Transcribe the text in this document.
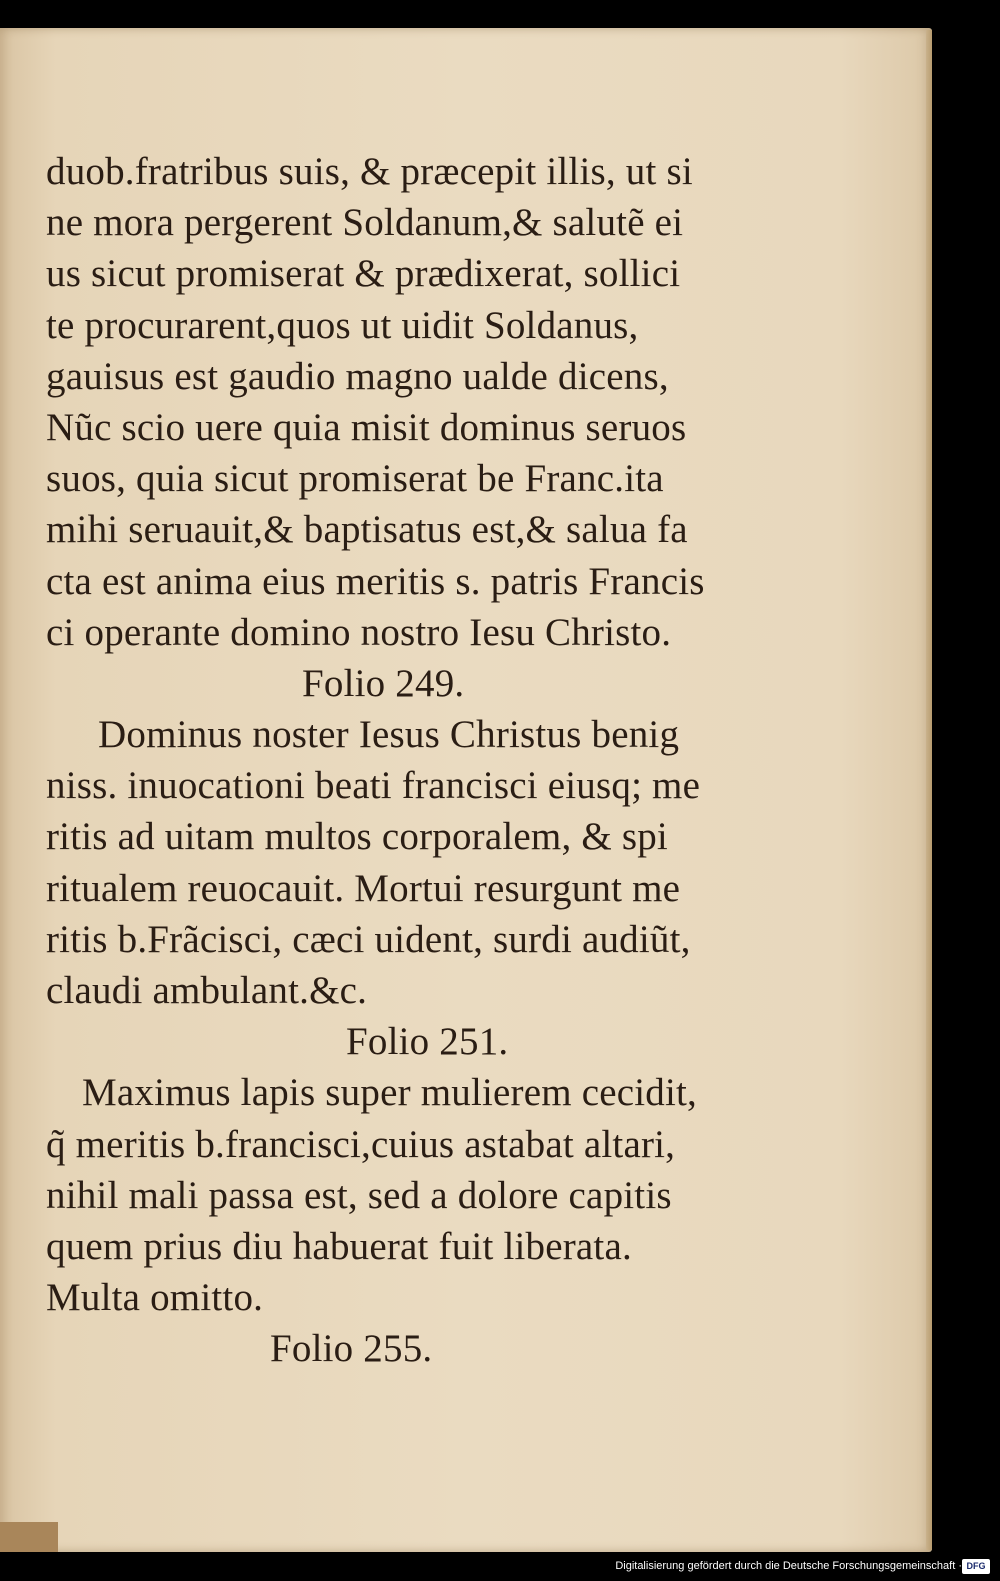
duob.fratribus suis, & præcepit illis, ut si
ne mora pergerent Soldanum,& salutẽ ei
us sicut promiserat & prædixerat, sollici
te procurarent,quos ut uidit Soldanus,
gauisus est gaudio magno ualde dicens,
Nũc scio uere quia misit dominus seruos
suos, quia sicut promiserat be Franc.ita
mihi seruauit,& baptisatus est,& salua fa
cta est anima eius meritis s. patris Francis
ci operante domino nostro Iesu Christo.
Folio 249.
Dominus noster Iesus Christus benig
niss. inuocationi beati francisci eiusq; me
ritis ad uitam multos corporalem, & spi
ritualem reuocauit. Mortui resurgunt me
ritis b.Frãcisci, cæci uident, surdi audiũt,
claudi ambulant.&c.
Folio 251.
Maximus lapis super mulierem cecidit,
q̃ meritis b.francisci,cuius astabat altari,
nihil mali passa est, sed a dolore capitis
quem prius diu habuerat fuit liberata.
Multa omitto.
Folio 255.
Digitalisierung gefördert durch die Deutsche Forschungsgemeinschaft · DFG
